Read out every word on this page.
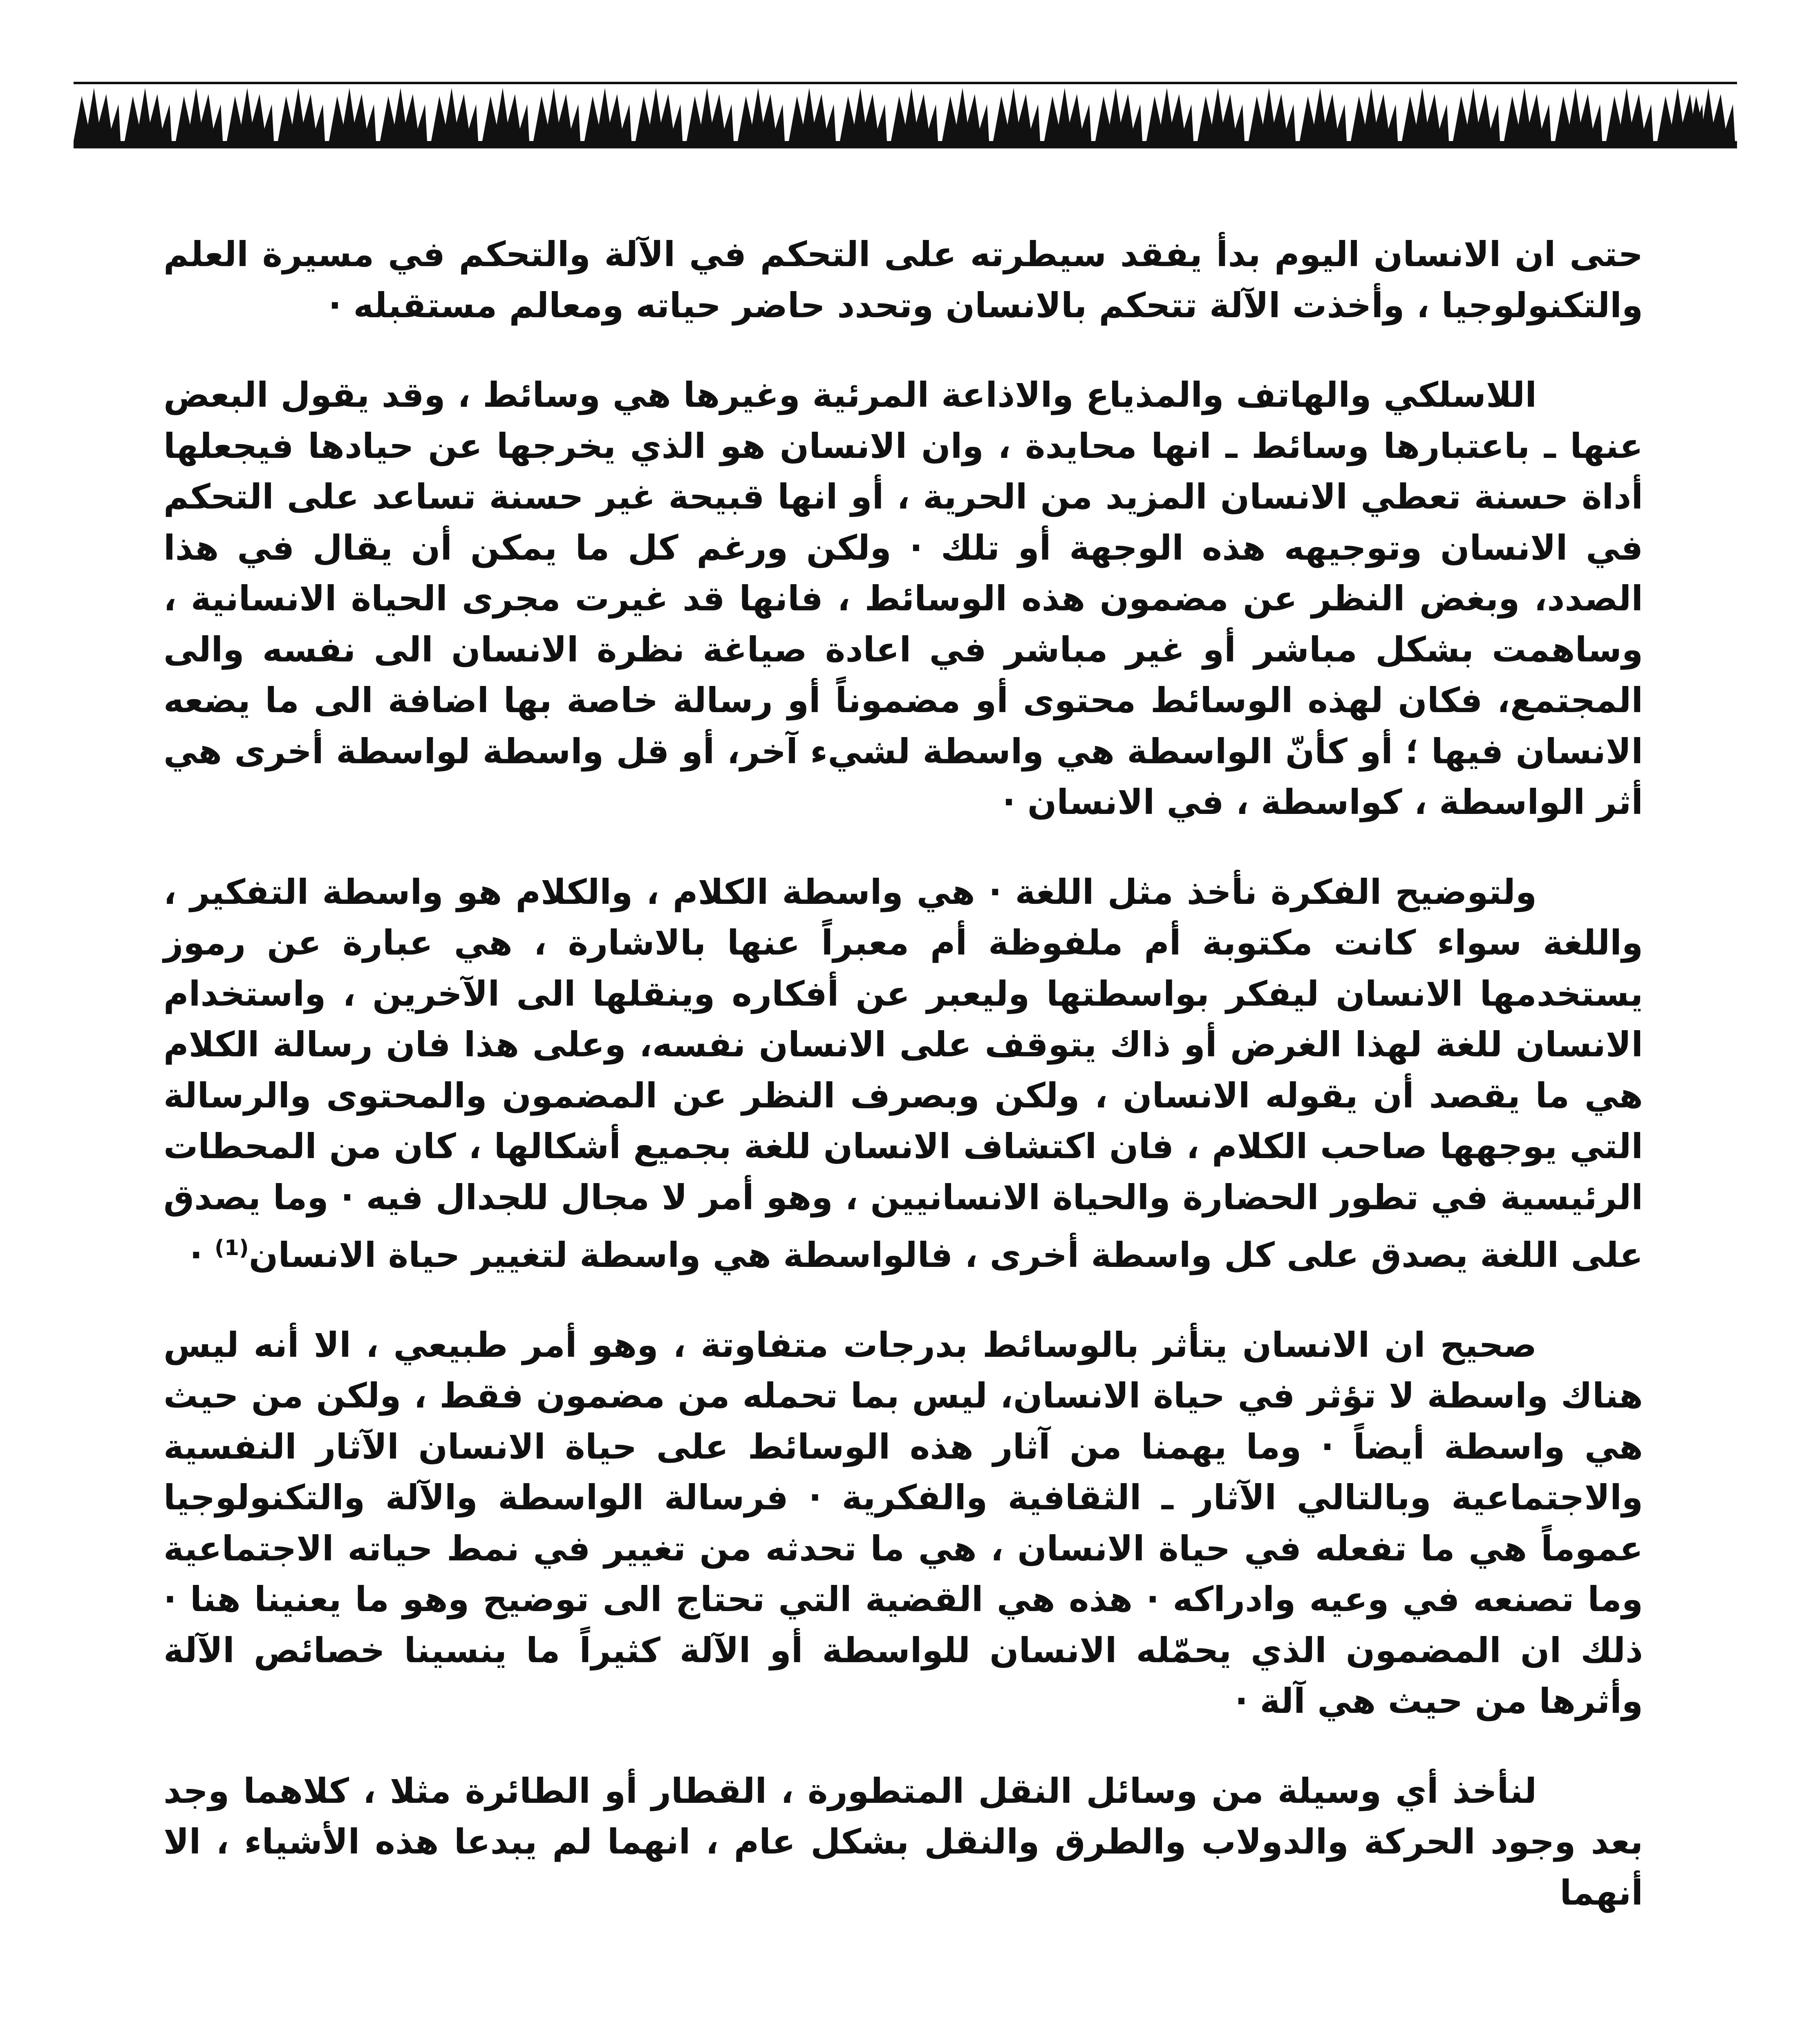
حتى ان الانسان اليوم بدأ يفقد سيطرته على التحكم في الآلة والتحكم في مسيرة العلم والتكنولوجيا ، وأخذت الآلة تتحكم بالانسان وتحدد حاضر حياته ومعالم مستقبله ·

اللاسلكي والهاتف والمذياع والاذاعة المرئية وغيرها هي وسائط ، وقد يقول البعض عنها ـ باعتبارها وسائط ـ انها محايدة ، وان الانسان هو الذي يخرجها عن حيادها فيجعلها أداة حسنة تعطي الانسان المزيد من الحرية ، أو انها قبيحة غير حسنة تساعد على التحكم في الانسان وتوجيهه هذه الوجهة أو تلك · ولكن ورغم كل ما يمكن أن يقال في هذا الصدد، وبغض النظر عن مضمون هذه الوسائط ، فانها قد غيرت مجرى الحياة الانسانية ، وساهمت بشكل مباشر أو غير مباشر في اعادة صياغة نظرة الانسان الى نفسه والى المجتمع، فكان لهذه الوسائط محتوى أو مضموناً أو رسالة خاصة بها اضافة الى ما يضعه الانسان فيها ؛ أو كأنّ الواسطة هي واسطة لشيء آخر، أو قل واسطة لواسطة أخرى هي أثر الواسطة ، كواسطة ، في الانسان ·

ولتوضيح الفكرة نأخذ مثل اللغة · هي واسطة الكلام ، والكلام هو واسطة التفكير ، واللغة سواء كانت مكتوبة أم ملفوظة أم معبراً عنها بالاشارة ، هي عبارة عن رموز يستخدمها الانسان ليفكر بواسطتها وليعبر عن أفكاره وينقلها الى الآخرين ، واستخدام الانسان للغة لهذا الغرض أو ذاك يتوقف على الانسان نفسه، وعلى هذا فان رسالة الكلام هي ما يقصد أن يقوله الانسان ، ولكن وبصرف النظر عن المضمون والمحتوى والرسالة التي يوجهها صاحب الكلام ، فان اكتشاف الانسان للغة بجميع أشكالها ، كان من المحطات الرئيسية في تطور الحضارة والحياة الانسانيين ، وهو أمر لا مجال للجدال فيه · وما يصدق على اللغة يصدق على كل واسطة أخرى ، فالواسطة هي واسطة لتغيير حياة الانسان$^{(1)}$ ·

صحيح ان الانسان يتأثر بالوسائط بدرجات متفاوتة ، وهو أمر طبيعي ، الا أنه ليس هناك واسطة لا تؤثر في حياة الانسان، ليس بما تحمله من مضمون فقط ، ولكن من حيث هي واسطة أيضاً · وما يهمنا من آثار هذه الوسائط على حياة الانسان الآثار النفسية والاجتماعية وبالتالي الآثار ـ الثقافية والفكرية · فرسالة الواسطة والآلة والتكنولوجيا عموماً هي ما تفعله في حياة الانسان ، هي ما تحدثه من تغيير في نمط حياته الاجتماعية وما تصنعه في وعيه وادراكه · هذه هي القضية التي تحتاج الى توضيح وهو ما يعنينا هنا · ذلك ان المضمون الذي يحمّله الانسان للواسطة أو الآلة كثيراً ما ينسينا خصائص الآلة وأثرها من حيث هي آلة ·

لنأخذ أي وسيلة من وسائل النقل المتطورة ، القطار أو الطائرة مثلا ، كلاهما وجد بعد وجود الحركة والدولاب والطرق والنقل بشكل عام ، انهما لم يبدعا هذه الأشياء ، الا أنهما
